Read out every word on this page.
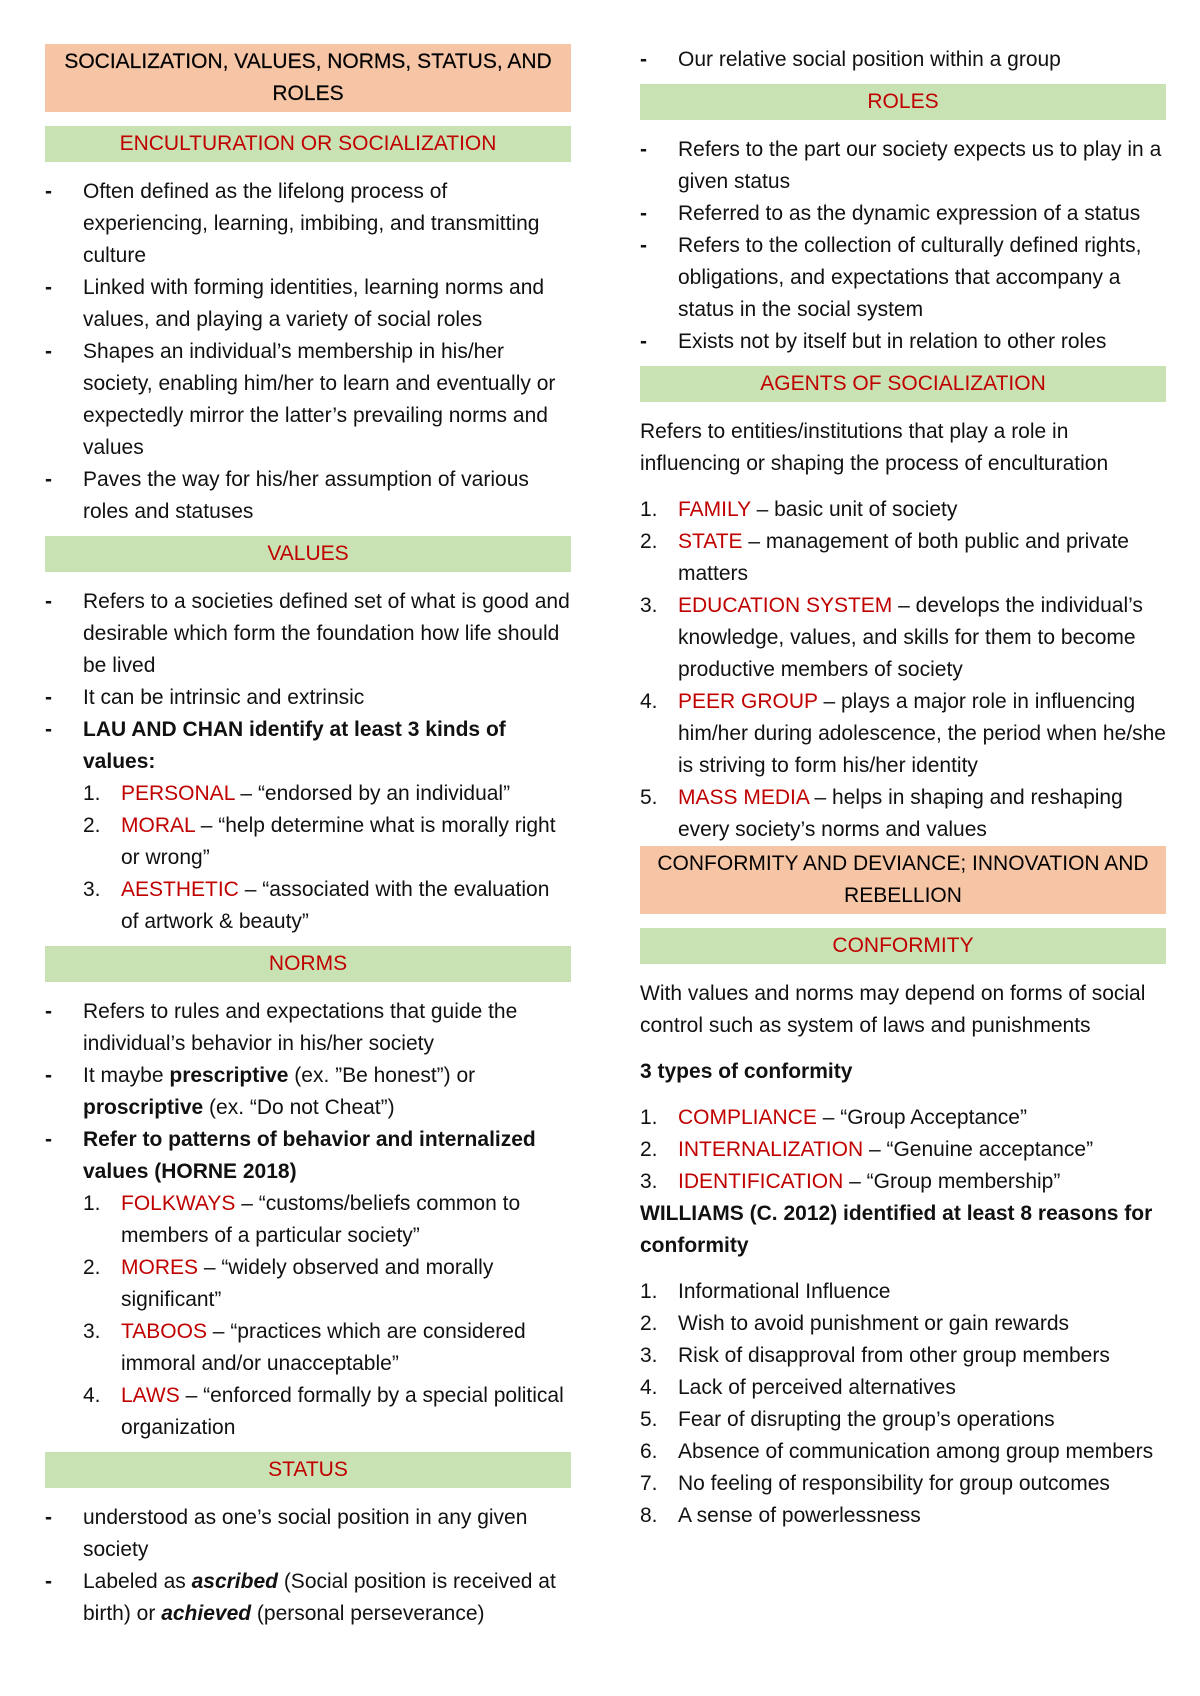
SOCIALIZATION, VALUES, NORMS, STATUS, AND
ROLES
ENCULTURATION OR SOCIALIZATION
- Often defined as the lifelong process of experiencing, learning, imbibing, and transmitting culture
- Linked with forming identities, learning norms and values, and playing a variety of social roles
- Shapes an individual’s membership in his/her society, enabling him/her to learn and eventually or expectedly mirror the latter’s prevailing norms and values
- Paves the way for his/her assumption of various roles and statuses
VALUES
- Refers to a societies defined set of what is good and desirable which form the foundation how life should be lived
- It can be intrinsic and extrinsic
- LAU AND CHAN identify at least 3 kinds of values:
1. PERSONAL – “endorsed by an individual”
2. MORAL – “help determine what is morally right or wrong”
3. AESTHETIC – “associated with the evaluation of artwork & beauty”
NORMS
- Refers to rules and expectations that guide the individual’s behavior in his/her society
- It maybe prescriptive (ex. ”Be honest”) or proscriptive (ex. “Do not Cheat”)
- Refer to patterns of behavior and internalized values (HORNE 2018)
1. FOLKWAYS – “customs/beliefs common to members of a particular society”
2. MORES – “widely observed and morally significant”
3. TABOOS – “practices which are considered immoral and/or unacceptable”
4. LAWS – “enforced formally by a special political organization
STATUS
- understood as one’s social position in any given society
- Labeled as ascribed (Social position is received at birth) or achieved (personal perseverance)
- Our relative social position within a group
ROLES
- Refers to the part our society expects us to play in a given status
- Referred to as the dynamic expression of a status
- Refers to the collection of culturally defined rights, obligations, and expectations that accompany a status in the social system
- Exists not by itself but in relation to other roles
AGENTS OF SOCIALIZATION

Refers to entities/institutions that play a role in influencing or shaping the process of enculturation

1. FAMILY – basic unit of society
2. STATE – management of both public and private matters
3. EDUCATION SYSTEM – develops the individual’s knowledge, values, and skills for them to become productive members of society
4. PEER GROUP – plays a major role in influencing him/her during adolescence, the period when he/she is striving to form his/her identity
5. MASS MEDIA – helps in shaping and reshaping every society’s norms and values
CONFORMITY AND DEVIANCE; INNOVATION AND
REBELLION
CONFORMITY

With values and norms may depend on forms of social control such as system of laws and punishments

3 types of conformity

1. COMPLIANCE – “Group Acceptance”
2. INTERNALIZATION – “Genuine acceptance”
3. IDENTIFICATION – “Group membership”

WILLIAMS (C. 2012) identified at least 8 reasons for conformity

1. Informational Influence
2. Wish to avoid punishment or gain rewards
3. Risk of disapproval from other group members
4. Lack of perceived alternatives
5. Fear of disrupting the group’s operations
6. Absence of communication among group members
7. No feeling of responsibility for group outcomes
8. A sense of powerlessness
